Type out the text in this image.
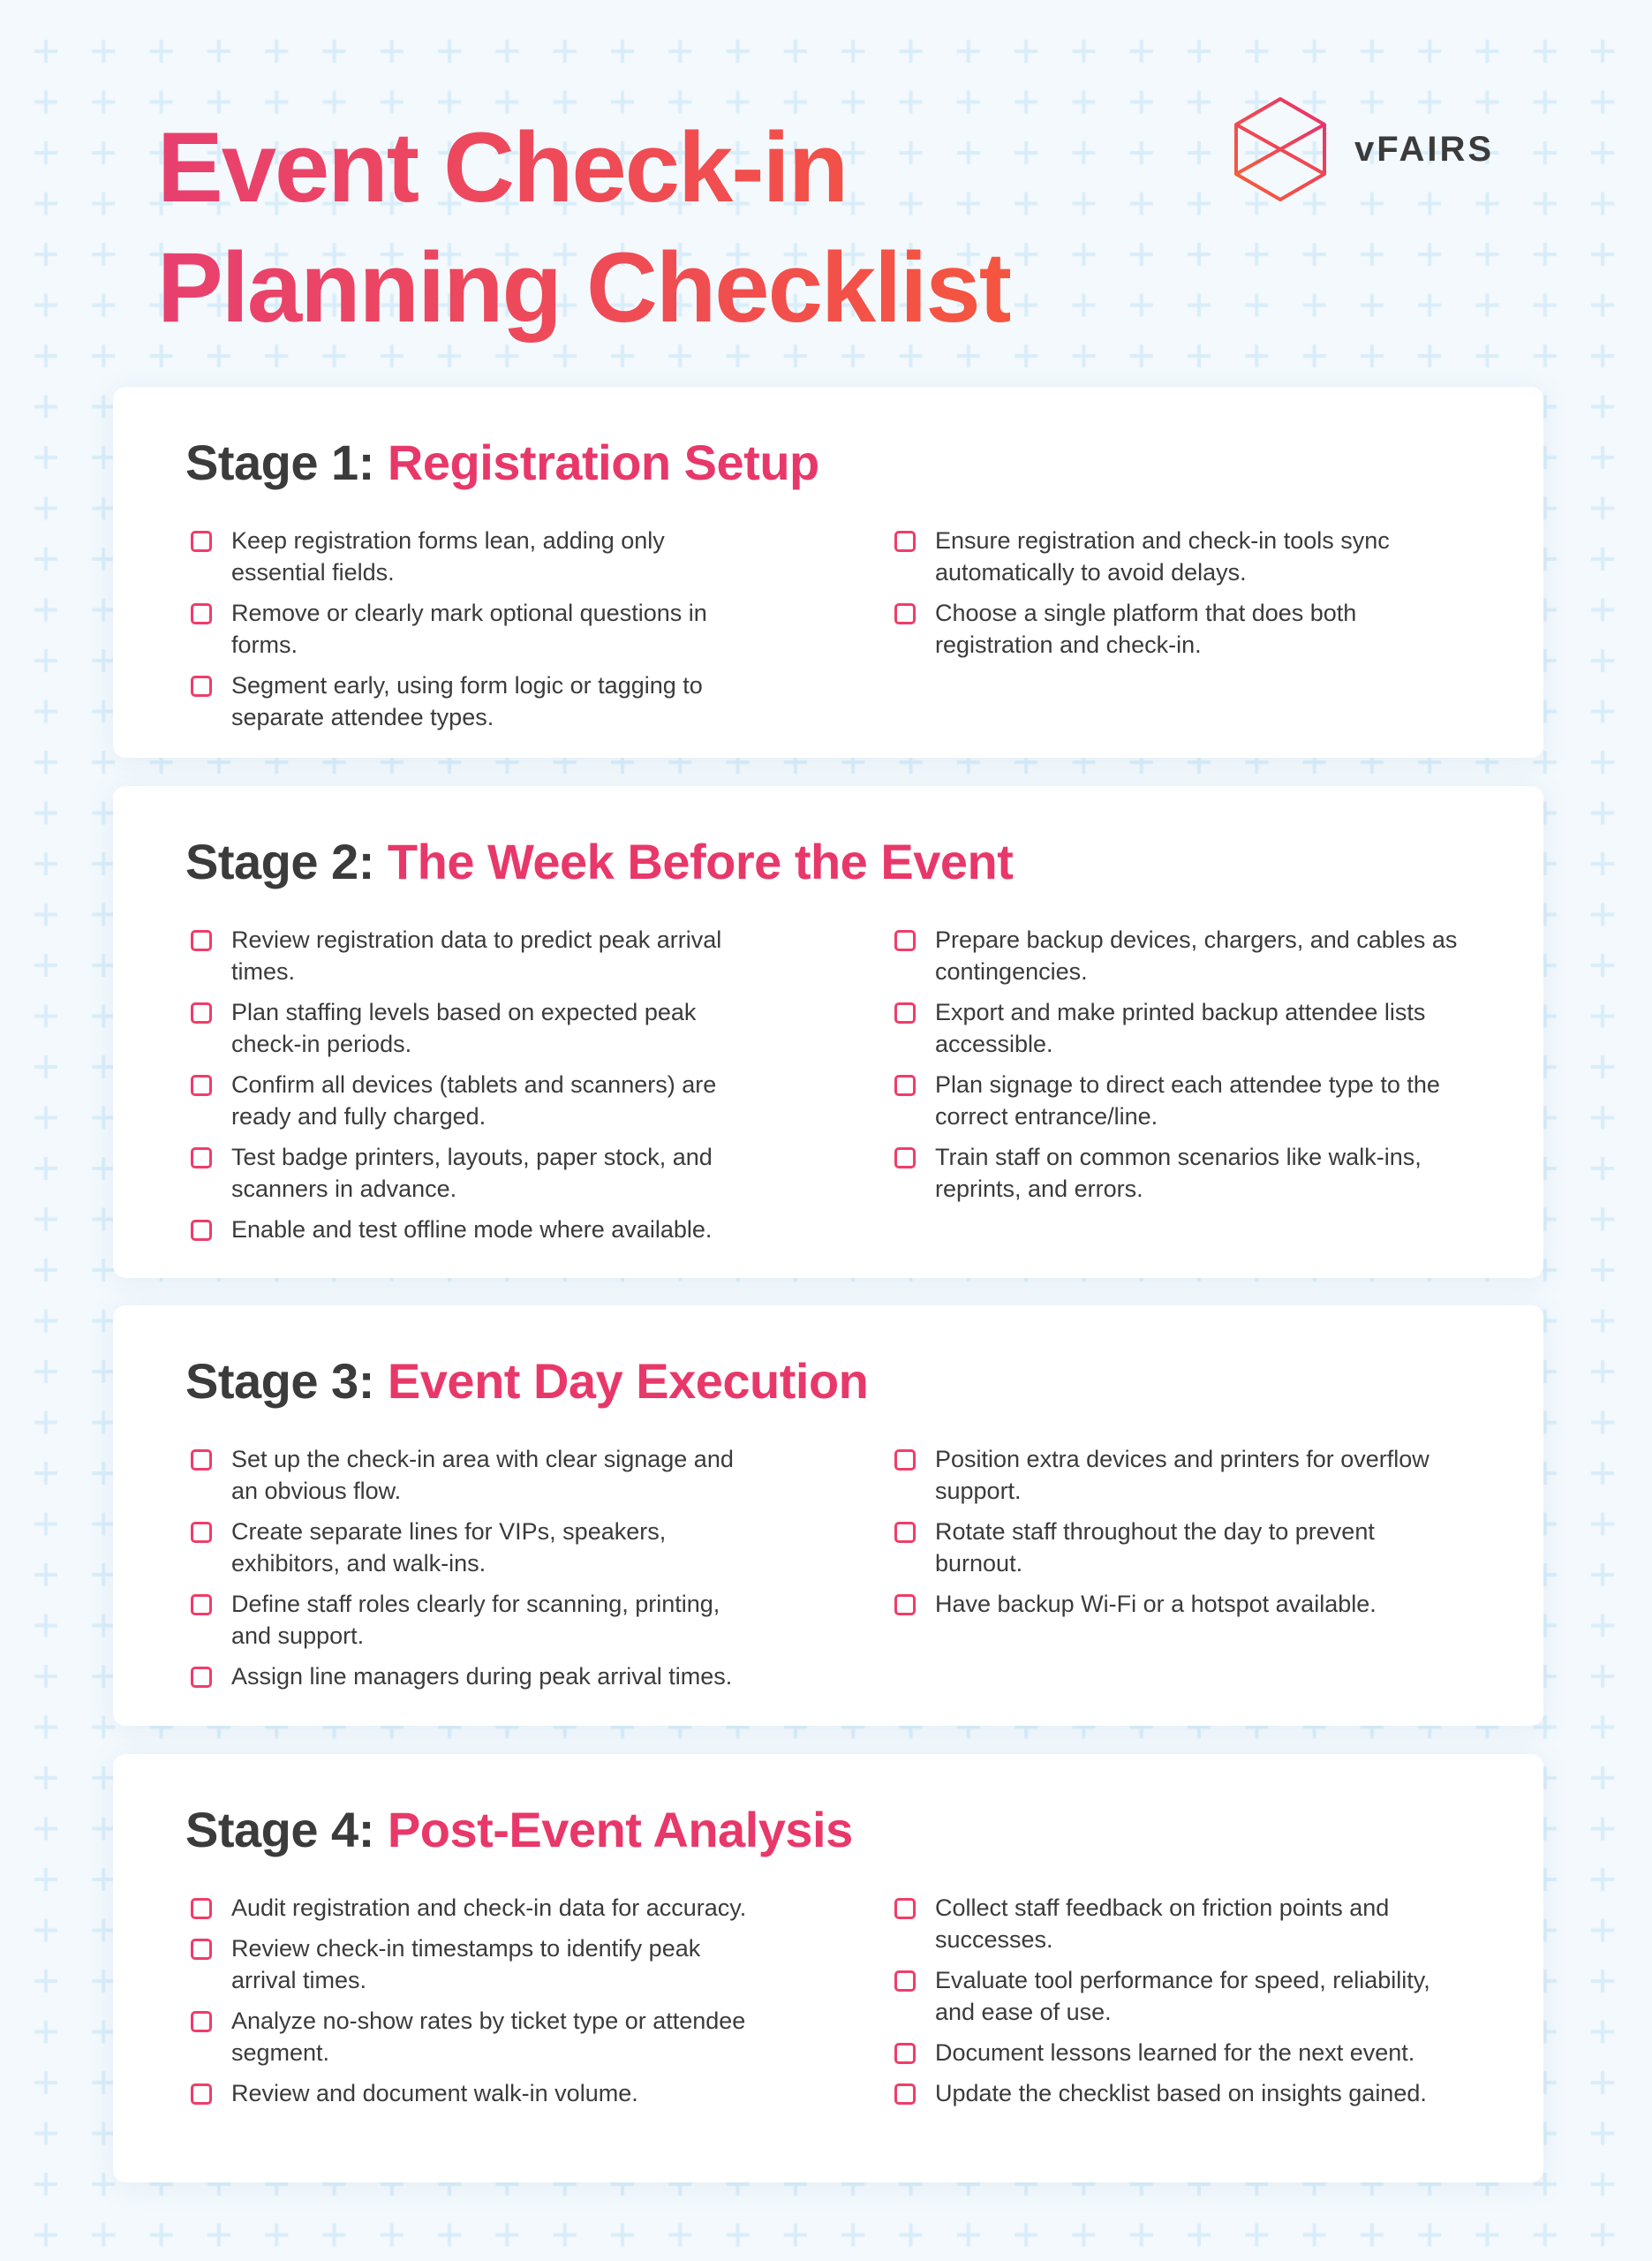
Event Check-in
Planning Checklist
vFAIRS
Stage 1: Registration Setup
Keep registration forms lean, adding only essential fields.
Remove or clearly mark optional questions in forms.
Segment early, using form logic or tagging to separate attendee types.
Ensure registration and check-in tools sync automatically to avoid delays.
Choose a single platform that does both registration and check-in.
Stage 2: The Week Before the Event
Review registration data to predict peak arrival times.
Plan staffing levels based on expected peak check-in periods.
Confirm all devices (tablets and scanners) are ready and fully charged.
Test badge printers, layouts, paper stock, and scanners in advance.
Enable and test offline mode where available.
Prepare backup devices, chargers, and cables as contingencies.
Export and make printed backup attendee lists accessible.
Plan signage to direct each attendee type to the correct entrance/line.
Train staff on common scenarios like walk-ins, reprints, and errors.
Stage 3: Event Day Execution
Set up the check-in area with clear signage and an obvious flow.
Create separate lines for VIPs, speakers, exhibitors, and walk-ins.
Define staff roles clearly for scanning, printing, and support.
Assign line managers during peak arrival times.
Position extra devices and printers for overflow support.
Rotate staff throughout the day to prevent burnout.
Have backup Wi-Fi or a hotspot available.
Stage 4: Post-Event Analysis
Audit registration and check-in data for accuracy.
Review check-in timestamps to identify peak arrival times.
Analyze no-show rates by ticket type or attendee segment.
Review and document walk-in volume.
Collect staff feedback on friction points and successes.
Evaluate tool performance for speed, reliability, and ease of use.
Document lessons learned for the next event.
Update the checklist based on insights gained.
